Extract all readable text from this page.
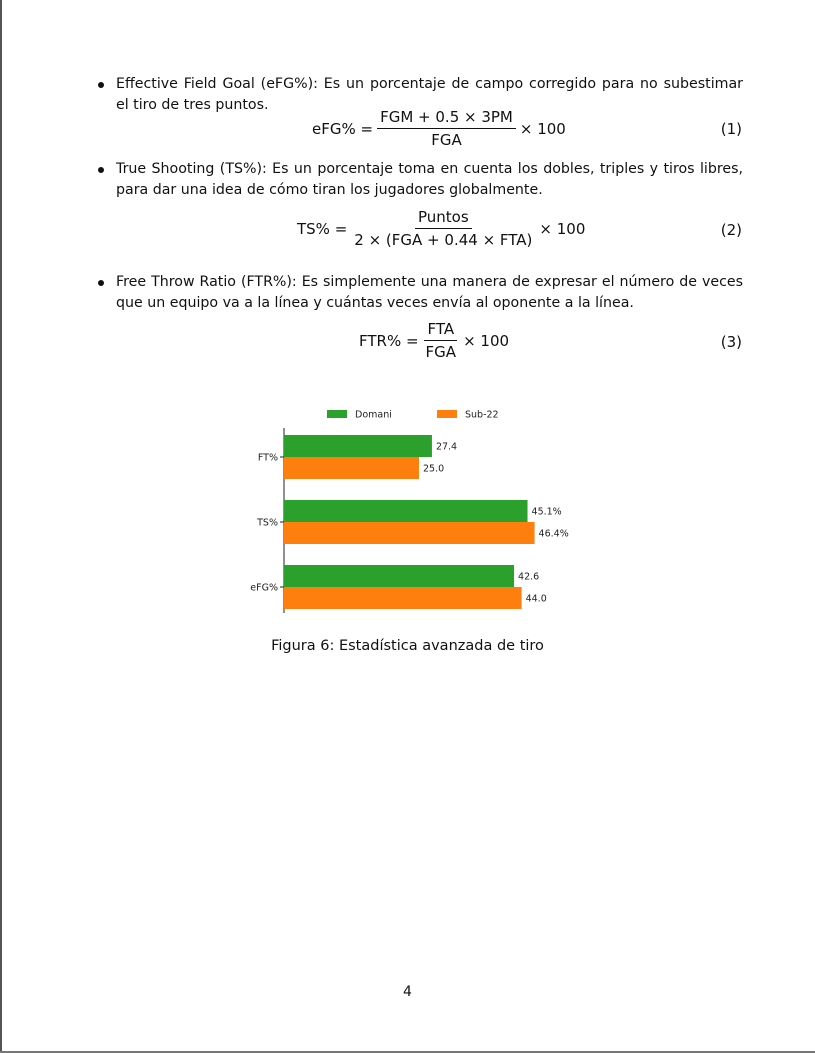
Effective Field Goal (eFG%): Es un porcentaje de campo corregido para no subestimar el tiro de tres puntos.
$eFG\% = \frac{\text{FGM + 0.5 × 3PM}}{\text{FGA}} \times 100$	(1)
True Shooting (TS%): Es un porcentaje toma en cuenta los dobles, triples y tiros libres, para dar una idea de cómo tiran los jugadores globalmente.
$TS\% = \frac{\text{Puntos}}{\text{2 × (FGA + 0.44 × FTA)}} \times 100$	(2)
Free Throw Ratio (FTR%): Es simplemente una manera de expresar el número de veces que un equipo va a la línea y cuántas veces envía al oponente a la línea.
$FTR\% = \frac{\text{FTA}}{\text{FGA}} \times 100$	(3)
Domani	Sub-22
27.4
25.0
FT%
45.1%
46.4%
TS%
42.6
44.0
eFG%
Figura 6: Estadística avanzada de tiro
4
